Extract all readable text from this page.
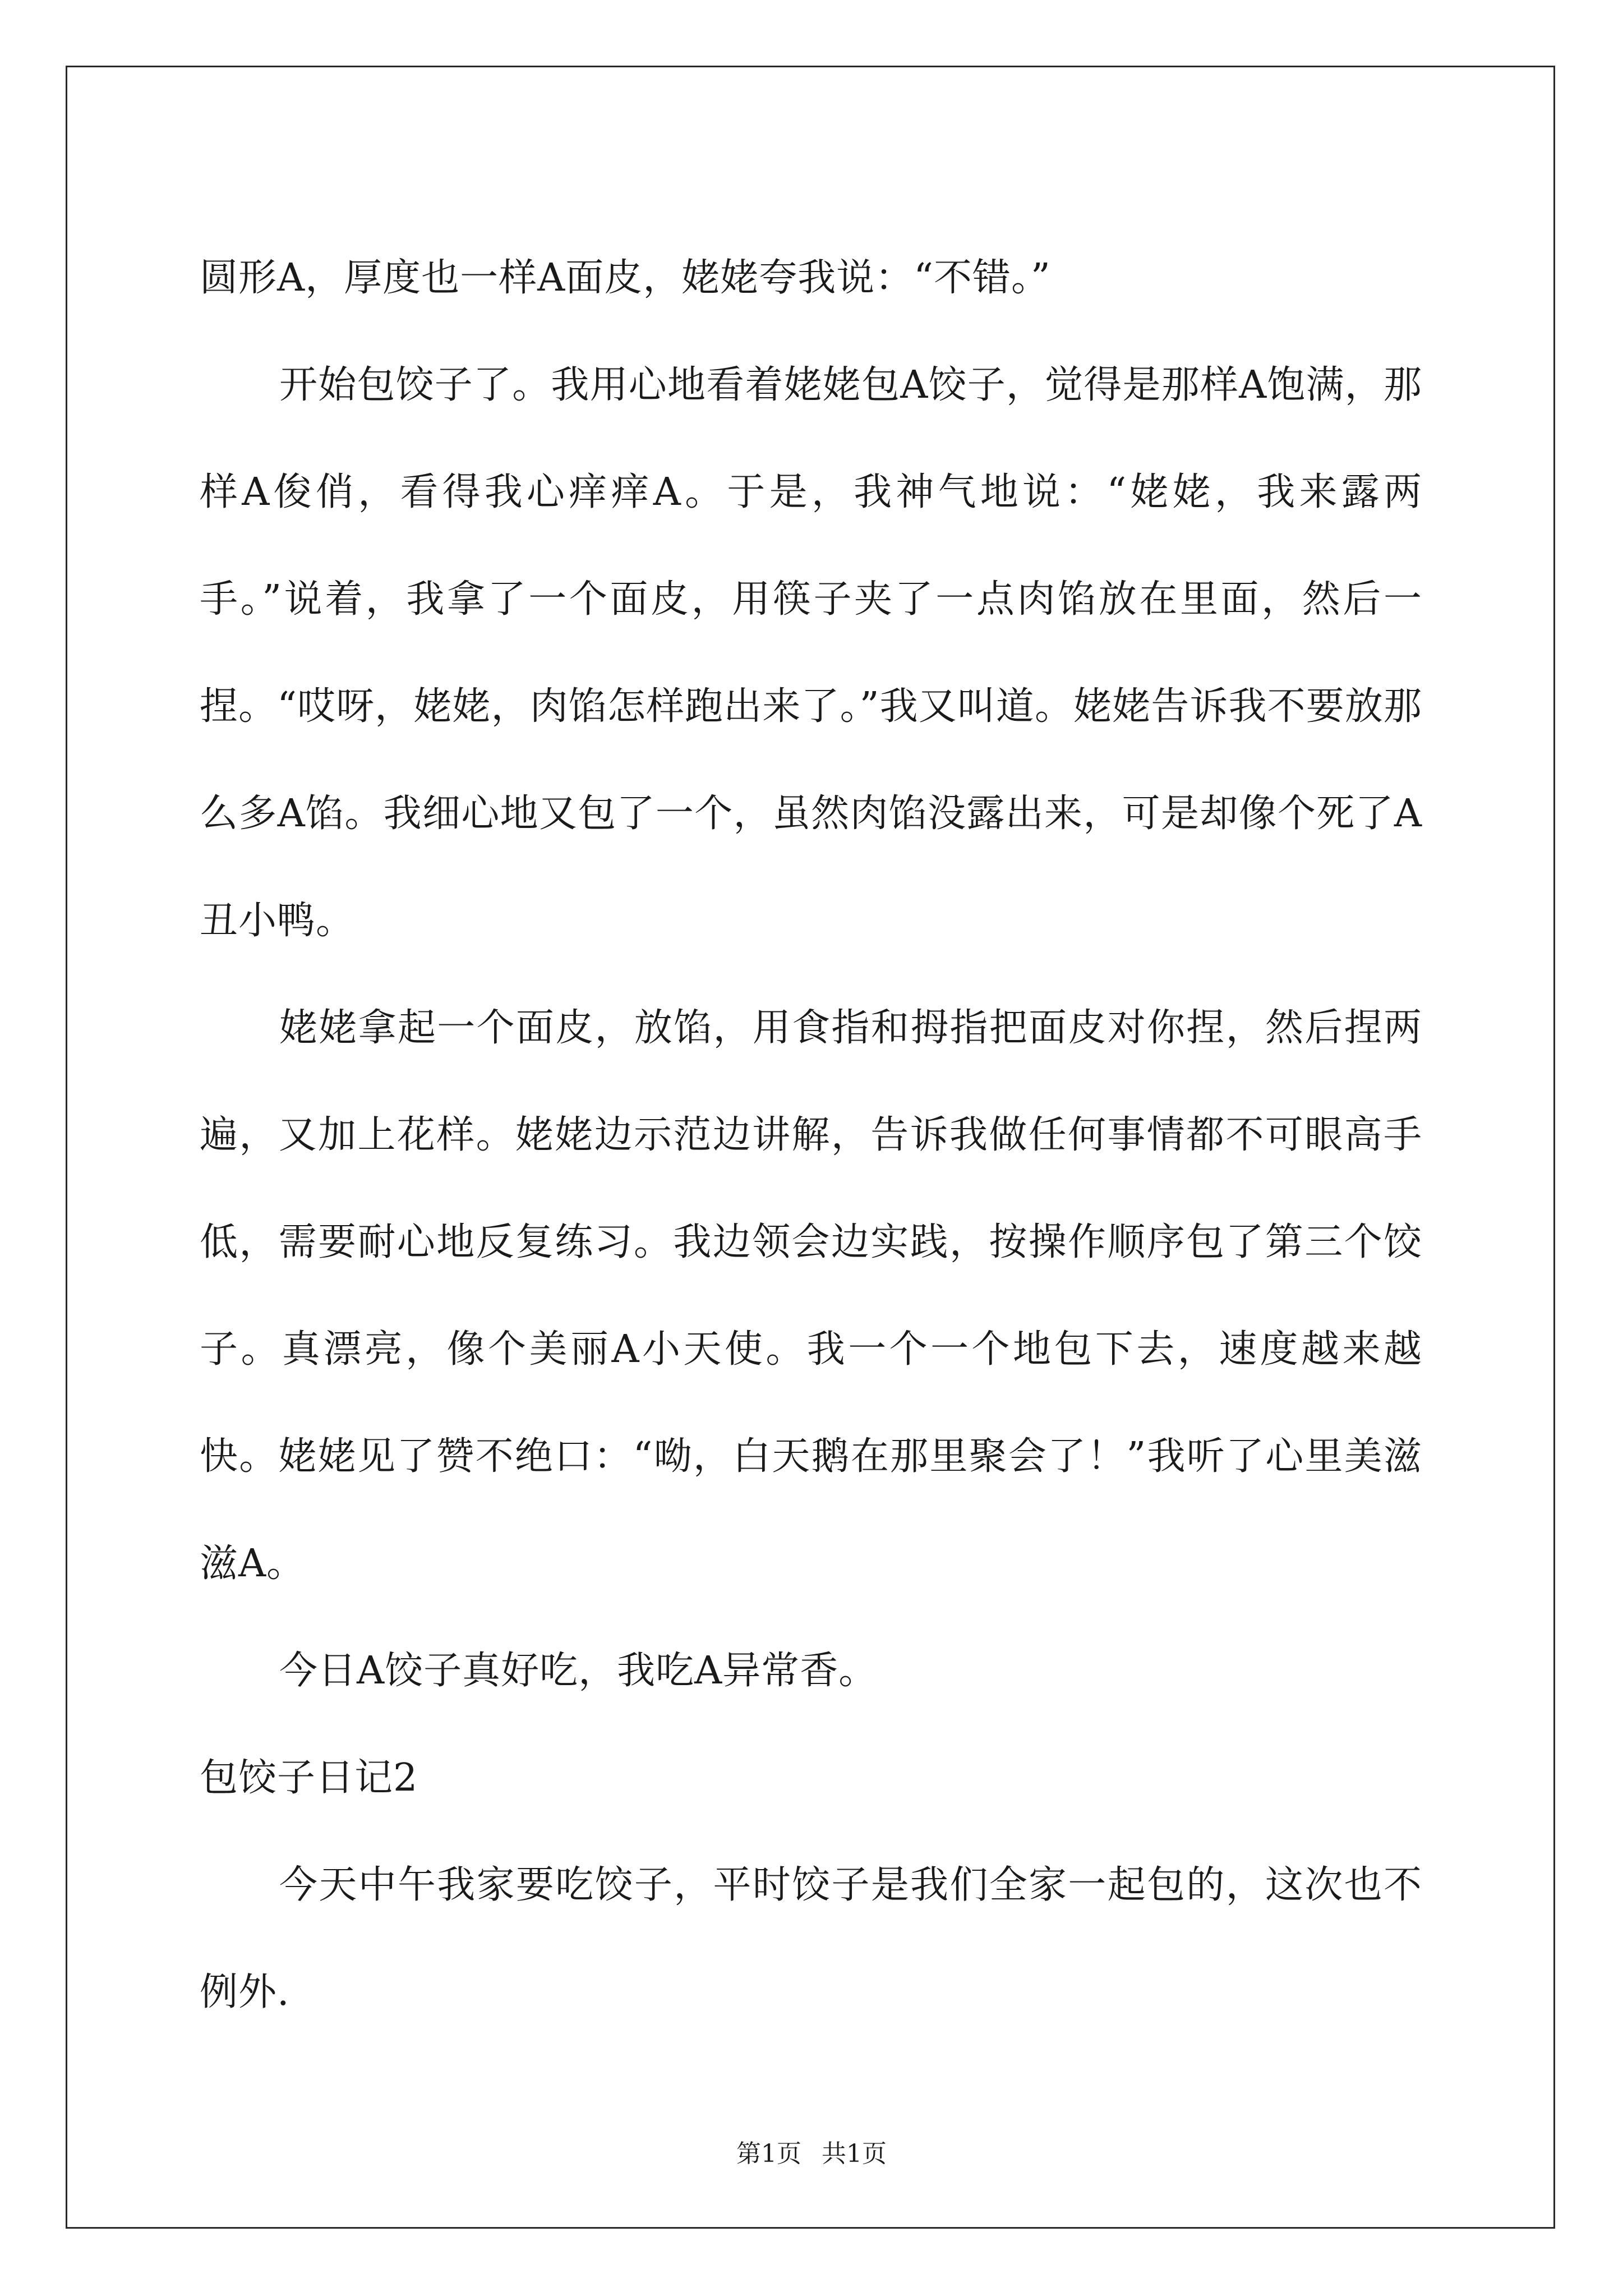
圆形A，厚度也一样A面皮，姥姥夸我说：“不错。”

开始包饺子了。我用心地看着姥姥包A饺子，觉得是那样A饱满，那样A俊俏，看得我心痒痒A。于是，我神气地说：“姥姥，我来露两手。”说着，我拿了一个面皮，用筷子夹了一点肉馅放在里面，然后一捏。“哎呀，姥姥，肉馅怎样跑出来了。”我又叫道。姥姥告诉我不要放那么多A馅。我细心地又包了一个，虽然肉馅没露出来，可是却像个死了A丑小鸭。

姥姥拿起一个面皮，放馅，用食指和拇指把面皮对你捏，然后捏两遍，又加上花样。姥姥边示范边讲解，告诉我做任何事情都不可眼高手低，需要耐心地反复练习。我边领会边实践，按操作顺序包了第三个饺子。真漂亮，像个美丽A小天使。我一个一个地包下去，速度越来越快。姥姥见了赞不绝口：“呦，白天鹅在那里聚会了！”我听了心里美滋滋A。

今日A饺子真好吃，我吃A异常香。

包饺子日记2

今天中午我家要吃饺子，平时饺子是我们全家一起包的，这次也不例外.

第1页 共1页
